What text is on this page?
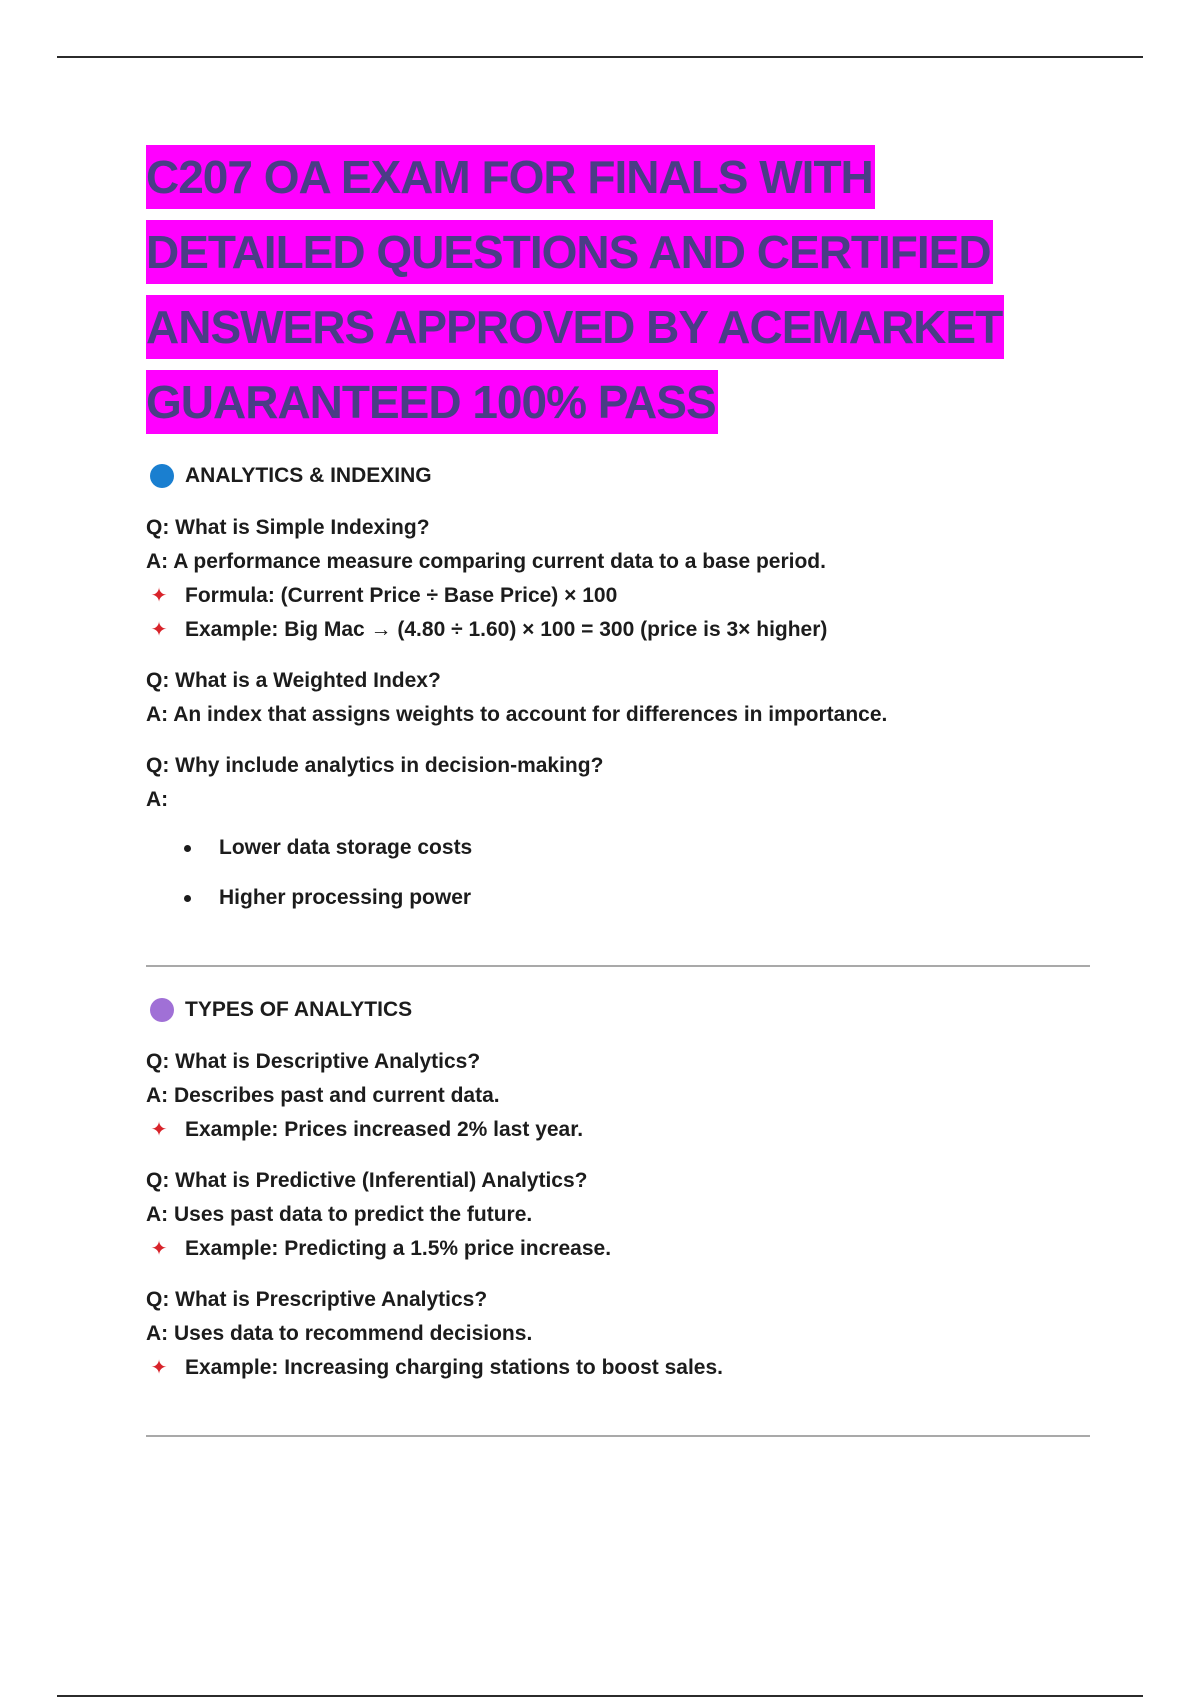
C207 OA EXAM FOR FINALS WITH
DETAILED QUESTIONS AND CERTIFIED
ANSWERS APPROVED BY ACEMARKET
GUARANTEED 100% PASS
ANALYTICS & INDEXING
Q: What is Simple Indexing?
A: A performance measure comparing current data to a base period.
✦ Formula: (Current Price ÷ Base Price) × 100
✦ Example: Big Mac → (4.80 ÷ 1.60) × 100 = 300 (price is 3× higher)
Q: What is a Weighted Index?
A: An index that assigns weights to account for differences in importance.
Q: Why include analytics in decision-making?
A:
Lower data storage costs
Higher processing power
TYPES OF ANALYTICS
Q: What is Descriptive Analytics?
A: Describes past and current data.
✦ Example: Prices increased 2% last year.
Q: What is Predictive (Inferential) Analytics?
A: Uses past data to predict the future.
✦ Example: Predicting a 1.5% price increase.
Q: What is Prescriptive Analytics?
A: Uses data to recommend decisions.
✦ Example: Increasing charging stations to boost sales.
